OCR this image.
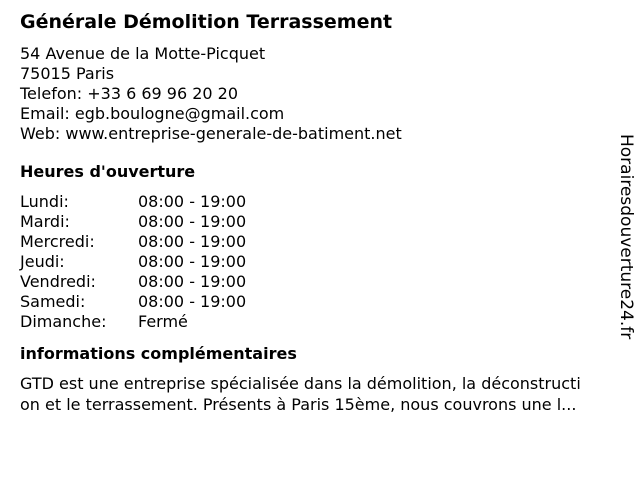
Générale Démolition Terrassement
54 Avenue de la Motte-Picquet
75015 Paris
Telefon: +33 6 69 96 20 20
Email: egb.boulogne@gmail.com
Web: www.entreprise-generale-de-batiment.net
Heures d'ouverture
Lundi:	08:00 - 19:00
Mardi:	08:00 - 19:00
Mercredi:	08:00 - 19:00
Jeudi:	08:00 - 19:00
Vendredi:	08:00 - 19:00
Samedi:	08:00 - 19:00
Dimanche:	Fermé
informations complémentaires
GTD est une entreprise spécialisée dans la démolition, la déconstructi
on et le terrassement. Présents à Paris 15ème, nous couvrons une l...
Horairesdouverture24.fr
